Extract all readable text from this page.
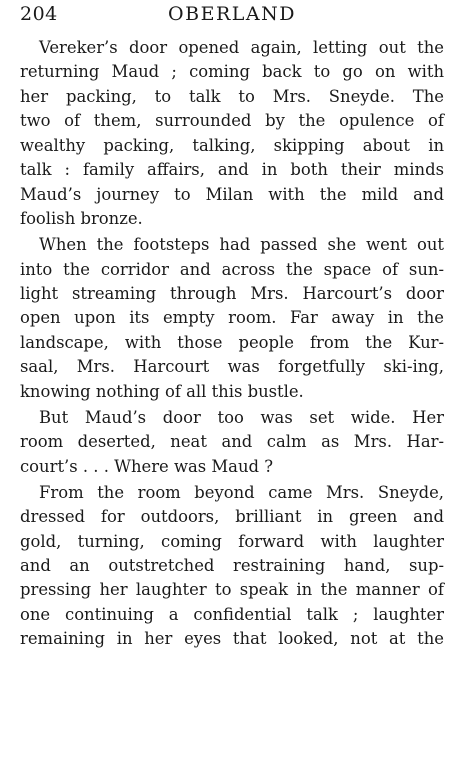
204	OBERLAND
Vereker’s door opened again, letting out the
returning Maud ; coming back to go on with
her packing, to talk to Mrs. Sneyde. The
two of them, surrounded by the opulence of
wealthy packing, talking, skipping about in
talk : family affairs, and in both their minds
Maud’s journey to Milan with the mild and
foolish bronze.
When the footsteps had passed she went out
into the corridor and across the space of sun-
light streaming through Mrs. Harcourt’s door
open upon its empty room. Far away in the
landscape, with those people from the Kur-
saal, Mrs. Harcourt was forgetfully ski-ing,
knowing nothing of all this bustle.
But Maud’s door too was set wide. Her
room deserted, neat and calm as Mrs. Har-
court’s . . . Where was Maud ?
From the room beyond came Mrs. Sneyde,
dressed for outdoors, brilliant in green and
gold, turning, coming forward with laughter
and an outstretched restraining hand, sup-
pressing her laughter to speak in the manner of
one continuing a confidential talk ; laughter
remaining in her eyes that looked, not at the
